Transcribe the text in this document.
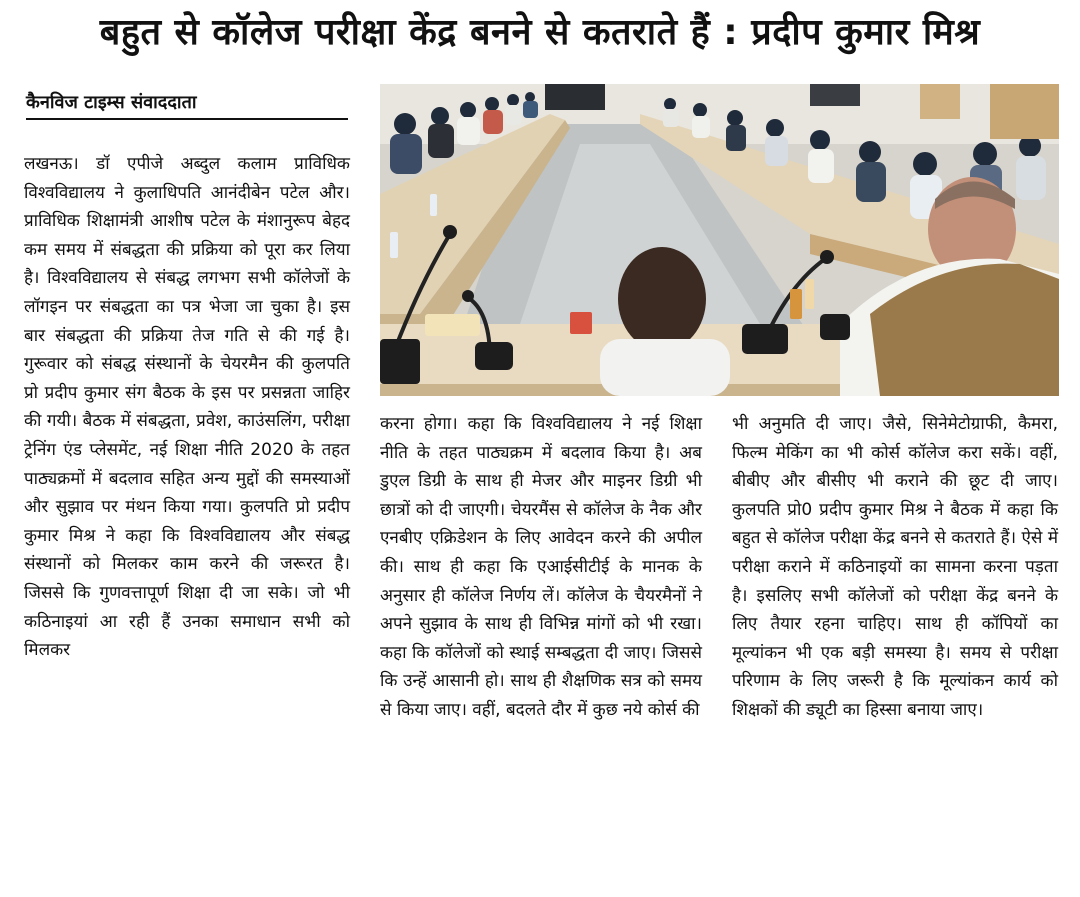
बहुत से कॉलेज परीक्षा केंद्र बनने से कतराते हैं : प्रदीप कुमार मिश्र
कैनविज टाइम्स संवाददाता

लखनऊ। डॉ एपीजे अब्दुल कलाम प्राविधिक विश्वविद्यालय ने कुलाधिपति आनंदीबेन पटेल और।प्राविधिक शिक्षामंत्री आशीष पटेल के मंशानुरूप बेहद कम समय में संबद्धता की प्रक्रिया को पूरा कर लिया है। विश्वविद्यालय से संबद्ध लगभग सभी कॉलेजों के लॉगइन पर संबद्धता का पत्र भेजा जा चुका है। इस बार संबद्धता की प्रक्रिया तेज गति से की गई है। गुरूवार को संबद्ध संस्थानों के चेयरमैन की कुलपति प्रो प्रदीप कुमार संग बैठक के इस पर प्रसन्नता जाहिर की गयी। बैठक में संबद्धता, प्रवेश, काउंसलिंग, परीक्षा ट्रेनिंग एंड प्लेसमेंट, नई शिक्षा नीति 2020 के तहत पाठ्यक्रमों में बदलाव सहित अन्य मुद्दों की समस्याओं और सुझाव पर मंथन किया गया। कुलपति प्रो प्रदीप कुमार मिश्र ने कहा कि विश्वविद्यालय और संबद्ध संस्थानों को मिलकर काम करने की जरूरत है। जिससे कि गुणवत्तापूर्ण शिक्षा दी जा सके। जो भी कठिनाइयां आ रही हैं उनका समाधान सभी को मिलकर

करना होगा। कहा कि विश्वविद्यालय ने नई शिक्षा नीति के तहत पाठ्यक्रम में बदलाव किया है। अब डुएल डिग्री के साथ ही मेजर और माइनर डिग्री भी छात्रों को दी जाएगी। चेयरमैंस से कॉलेज के नैक और एनबीए एक्रिडेशन के लिए आवेदन करने की अपील की। साथ ही कहा कि एआईसीटीई के मानक के अनुसार ही कॉलेज निर्णय लें। कॉलेज के चैयरमैनों ने अपने सुझाव के साथ ही विभिन्न मांगों को भी रखा। कहा कि कॉलेजों को स्थाई सम्बद्धता दी जाए। जिससे कि उन्हें आसानी हो। साथ ही शैक्षणिक सत्र को समय से किया जाए। वहीं, बदलते दौर में कुछ नये कोर्स की

भी अनुमति दी जाए। जैसे, सिनेमेटोग्राफी, कैमरा, फिल्म मेकिंग का भी कोर्स कॉलेज करा सकें। वहीं, बीबीए और बीसीए भी कराने की छूट दी जाए। कुलपति प्रो0 प्रदीप कुमार मिश्र ने बैठक में कहा कि बहुत से कॉलेज परीक्षा केंद्र बनने से कतराते हैं। ऐसे में परीक्षा कराने में कठिनाइयों का सामना करना पड़ता है। इसलिए सभी कॉलेजों को परीक्षा केंद्र बनने के लिए तैयार रहना चाहिए। साथ ही कॉपियों का मूल्यांकन भी एक बड़ी समस्या है। समय से परीक्षा परिणाम के लिए जरूरी है कि मूल्यांकन कार्य को शिक्षकों की ड्यूटी का हिस्सा बनाया जाए।
